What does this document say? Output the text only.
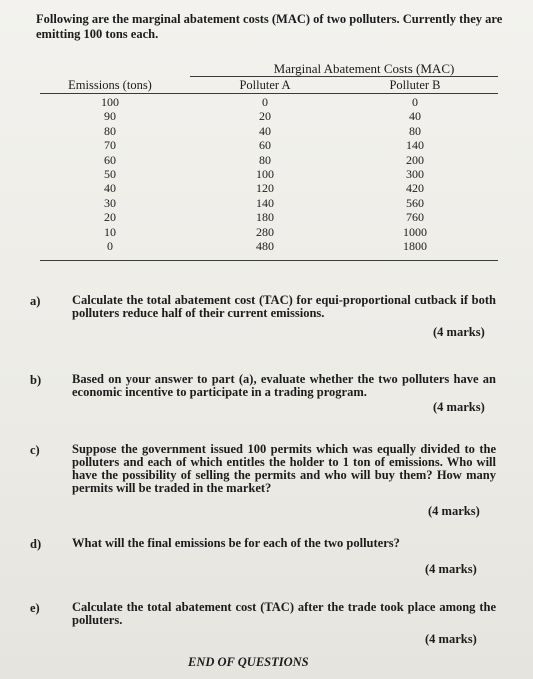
Following are the marginal abatement costs (MAC) of two polluters. Currently they are emitting 100 tons each.
Marginal Abatement Costs (MAC)
Emissions (tons)	Polluter A	Polluter B
100	0	0
90	20	40
80	40	80
70	60	140
60	80	200
50	100	300
40	120	420
30	140	560
20	180	760
10	280	1000
0	480	1800
a)	Calculate the total abatement cost (TAC) for equi-proportional cutback if both polluters reduce half of their current emissions.
(4 marks)
b) Based on your answer to part (a), evaluate whether the two polluters have an economic incentive to participate in a trading program.
(4 marks)
c)	Suppose the government issued 100 permits which was equally divided to the polluters and each of which entitles the holder to 1 ton of emissions. Who will have the possibility of selling the permits and who will buy them? How many permits will be traded in the market?
(4 marks)
d) What will the final emissions be for each of the two polluters?
(4 marks)
e)	Calculate the total abatement cost (TAC) after the trade took place among the polluters.
(4 marks)
END OF QUESTIONS
